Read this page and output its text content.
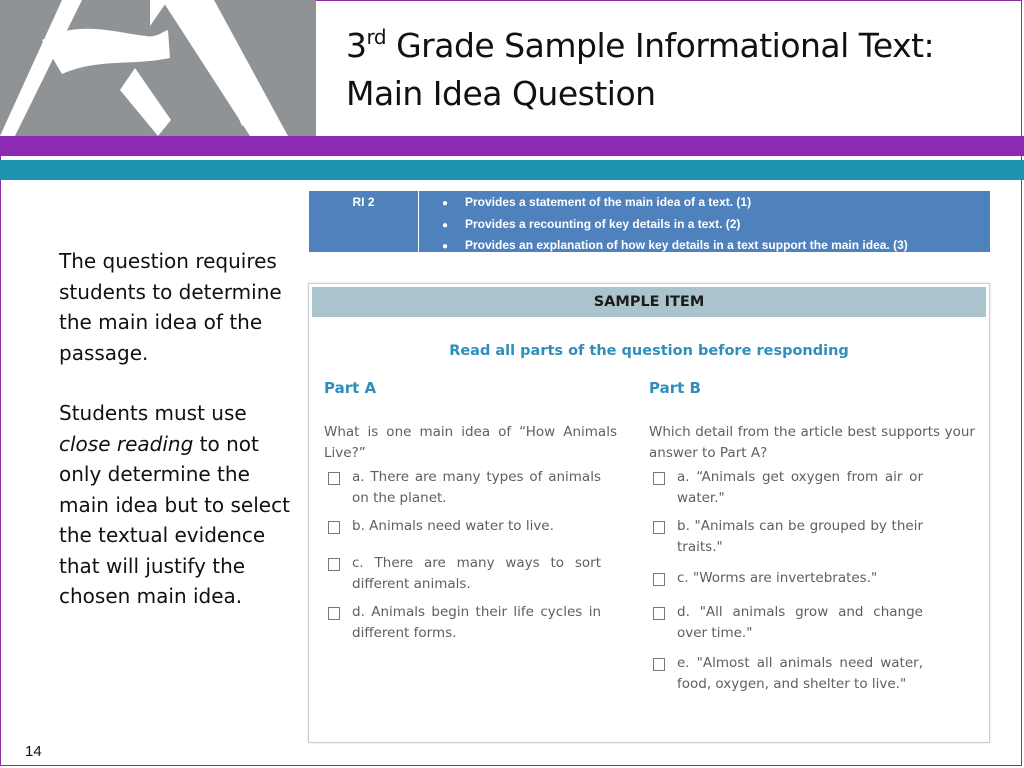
3rd Grade Sample Informational Text:
Main Idea Question

The question requires students to determine the main idea of the passage.

Students must use close reading to not only determine the main idea but to select the textual evidence that will justify the chosen main idea.

RI 2	● Provides a statement of the main idea of a text. (1)
● Provides a recounting of key details in a text. (2)
● Provides an explanation of how key details in a text support the main idea. (3)
SAMPLE ITEM
Read all parts of the question before responding
Part A
What is one main idea of “How Animals Live?”
a. There are many types of animals on the planet.
b. Animals need water to live.
c. There are many ways to sort different animals.
d. Animals begin their life cycles in different forms.
Part B
Which detail from the article best supports your answer to Part A?
a. “Animals get oxygen from air or water."
b. "Animals can be grouped by their traits."
c. "Worms are invertebrates."
d. "All animals grow and change over time."
e. "Almost all animals need water, food, oxygen, and shelter to live."
14
